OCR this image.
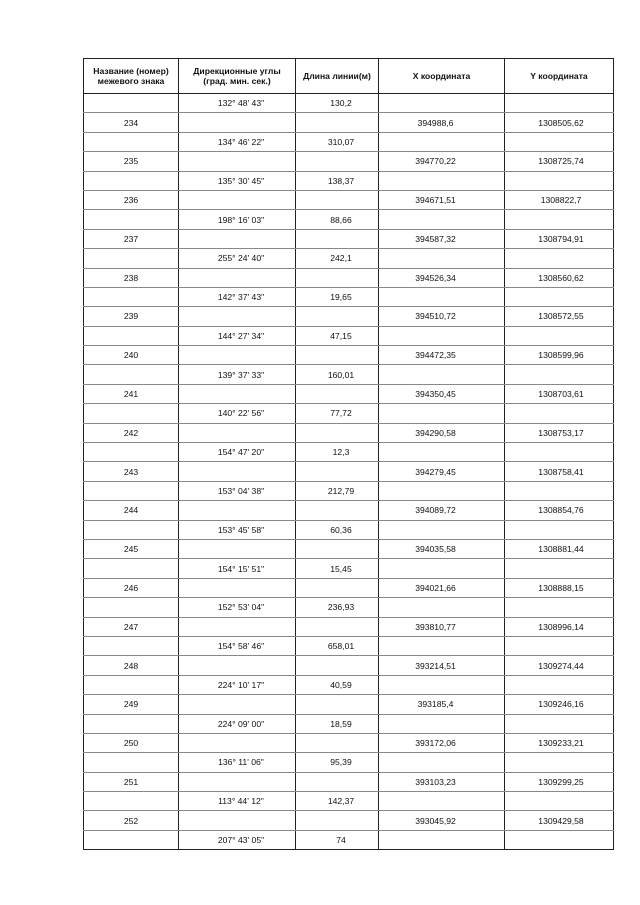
Название (номер) межевого знака	Дирекционные углы (град. мин. сек.)	Длина линии(м)	X координата	Y координата
	132° 48' 43"	130,2		
234			394988,6	1308505,62
	134° 46' 22"	310,07		
235			394770,22	1308725,74
	135° 30' 45"	138,37		
236			394671,51	1308822,7
	198° 16' 03"	88,66		
237			394587,32	1308794,91
	255° 24' 40"	242,1		
238			394526,34	1308560,62
	142° 37' 43"	19,65		
239			394510,72	1308572,55
	144° 27' 34"	47,15		
240			394472,35	1308599,96
	139° 37' 33"	160,01		
241			394350,45	1308703,61
	140° 22' 56"	77,72		
242			394290,58	1308753,17
	154° 47' 20"	12,3		
243			394279,45	1308758,41
	153° 04' 38"	212,79		
244			394089,72	1308854,76
	153° 45' 58"	60,36		
245			394035,58	1308881,44
	154° 15' 51"	15,45		
246			394021,66	1308888,15
	152° 53' 04"	236,93		
247			393810,77	1308996,14
	154° 58' 46"	658,01		
248			393214,51	1309274,44
	224° 10' 17"	40,59		
249			393185,4	1309246,16
	224° 09' 00"	18,59		
250			393172,06	1309233,21
	136° 11' 06"	95,39		
251			393103,23	1309299,25
	113° 44' 12"	142,37		
252			393045,92	1309429,58
	207° 43' 05"	74		
